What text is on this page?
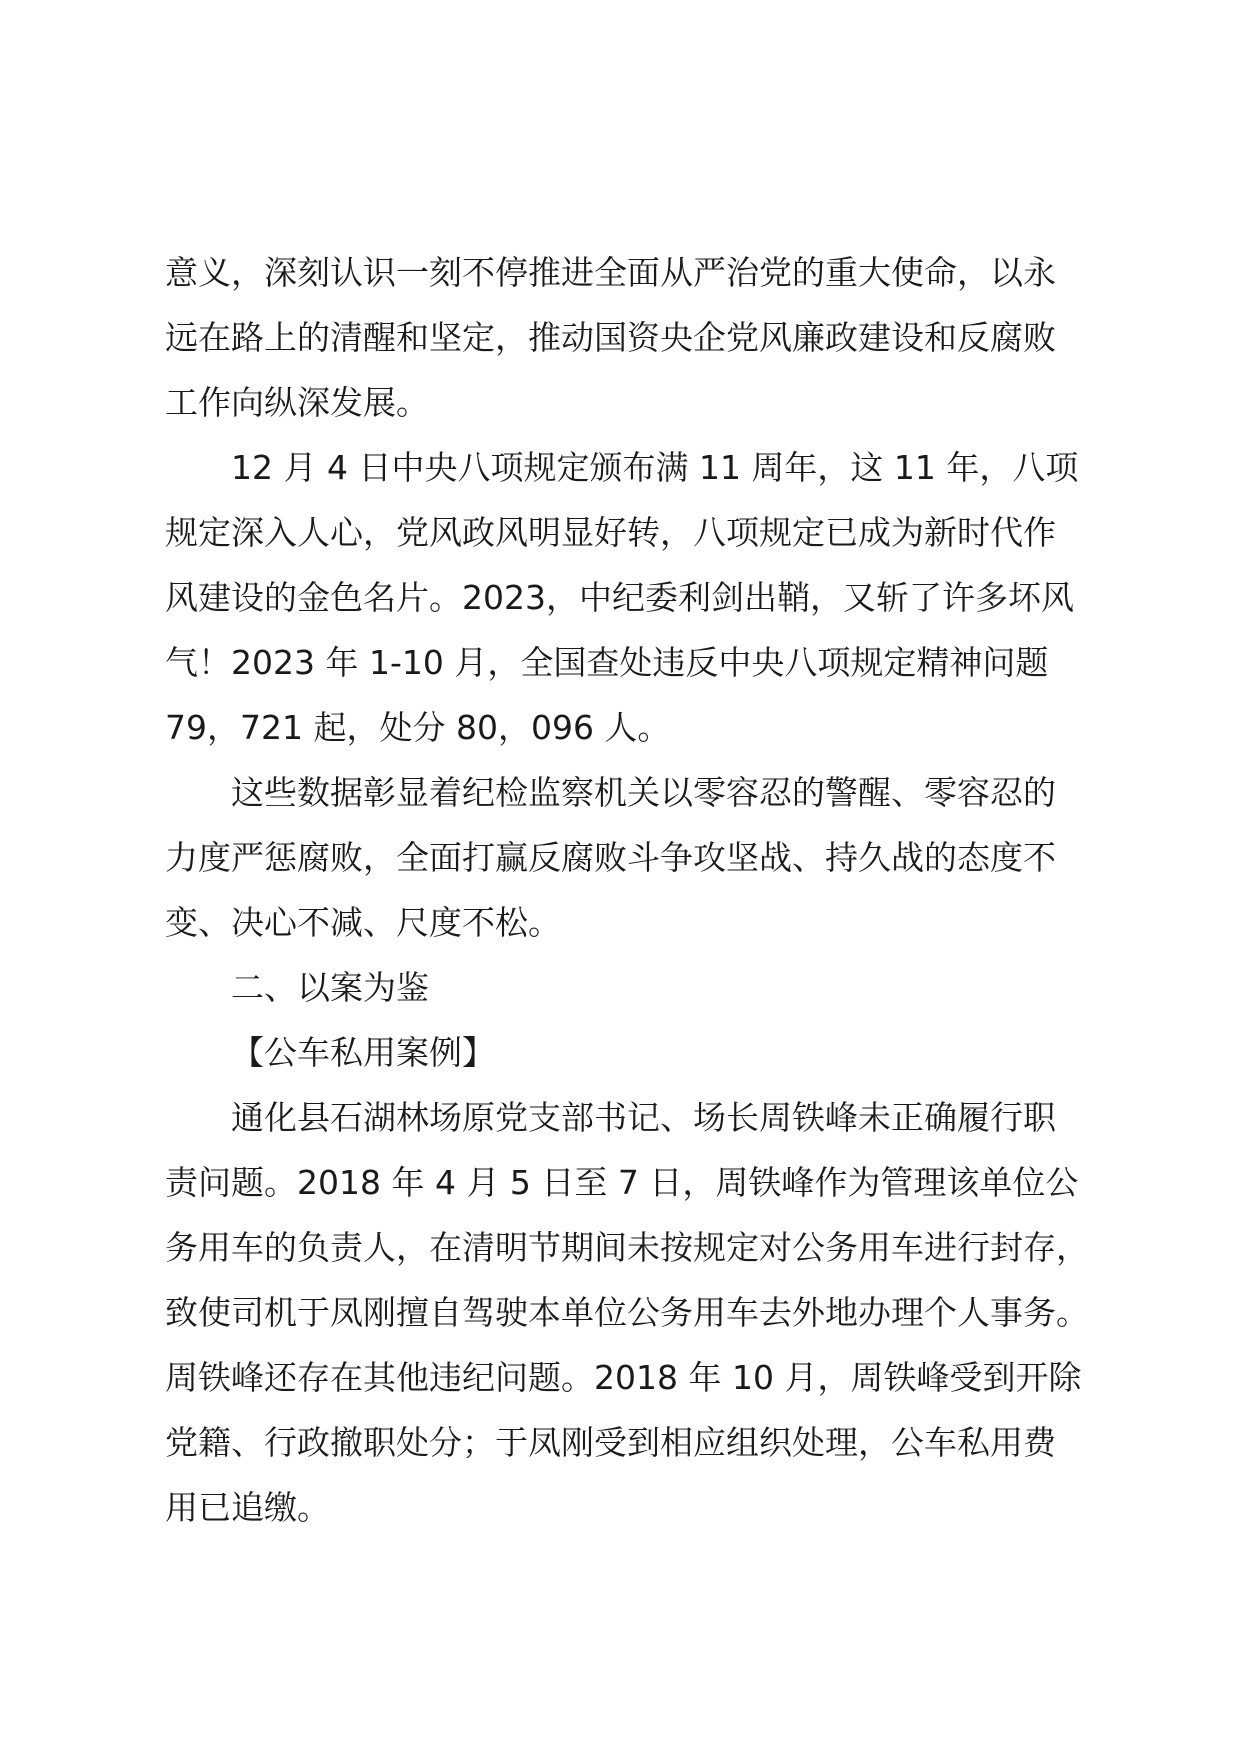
意义，深刻认识一刻不停推进全面从严治党的重大使命，以永
远在路上的清醒和坚定，推动国资央企党风廉政建设和反腐败
工作向纵深发展。
12 月 4 日中央八项规定颁布满 11 周年，这 11 年，八项
规定深入人心，党风政风明显好转，八项规定已成为新时代作
风建设的金色名片。2023，中纪委利剑出鞘，又斩了许多坏风
气！2023 年 1-10 月，全国查处违反中央八项规定精神问题
79，721 起，处分 80，096 人。
这些数据彰显着纪检监察机关以零容忍的警醒、零容忍的
力度严惩腐败，全面打赢反腐败斗争攻坚战、持久战的态度不
变、决心不减、尺度不松。
二、以案为鉴
【公车私用案例】
通化县石湖林场原党支部书记、场长周铁峰未正确履行职
责问题。2018 年 4 月 5 日至 7 日，周铁峰作为管理该单位公
务用车的负责人，在清明节期间未按规定对公务用车进行封存，
致使司机于凤刚擅自驾驶本单位公务用车去外地办理个人事务。
周铁峰还存在其他违纪问题。2018 年 10 月，周铁峰受到开除
党籍、行政撤职处分；于凤刚受到相应组织处理，公车私用费
用已追缴。
